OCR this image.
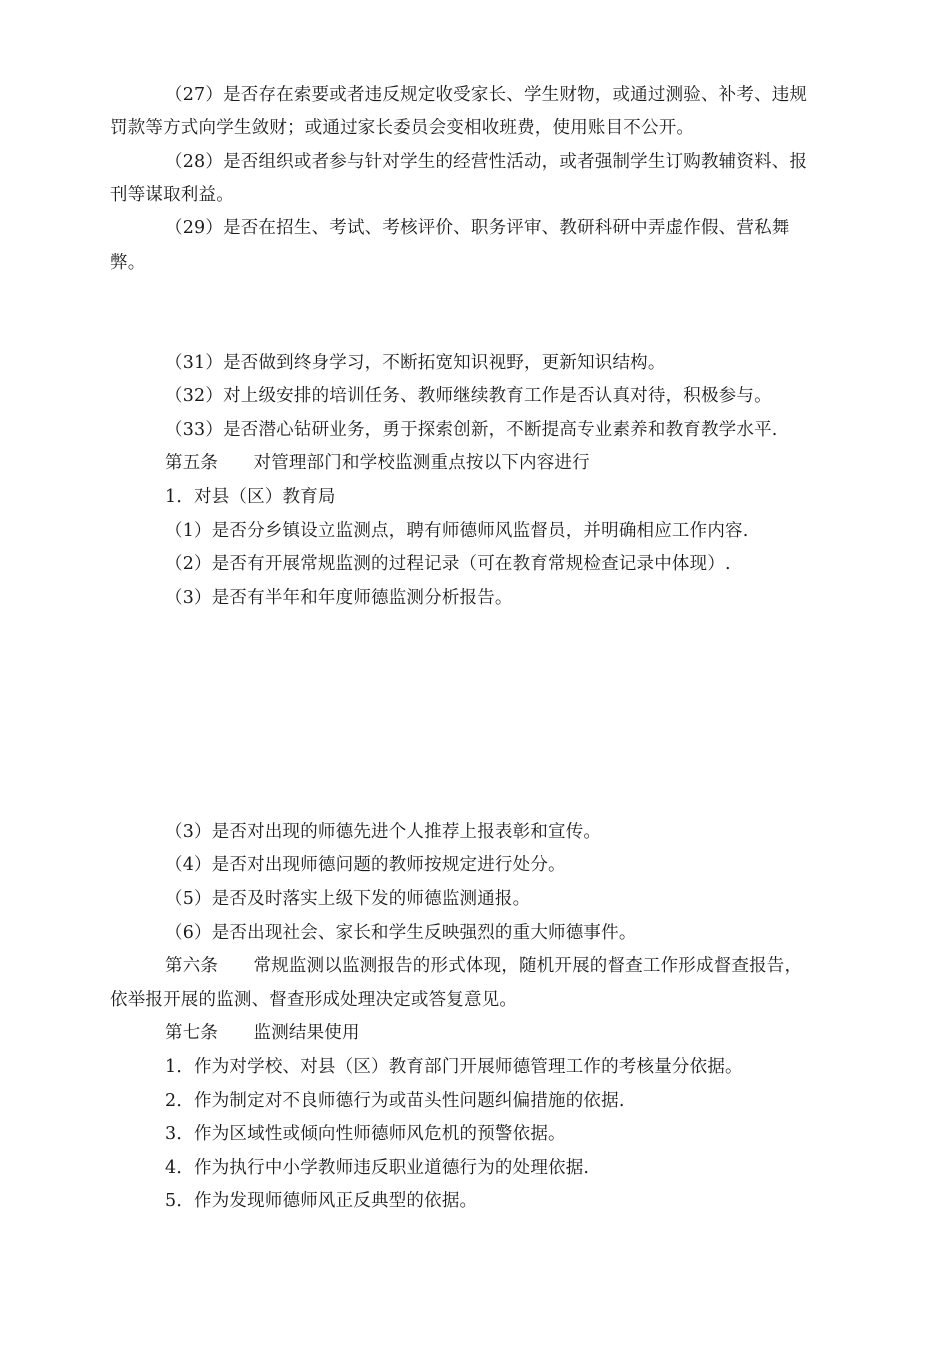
（27）是否存在索要或者违反规定收受家长、学生财物，或通过测验、补考、违规
罚款等方式向学生敛财；或通过家长委员会变相收班费，使用账目不公开。
（28）是否组织或者参与针对学生的经营性活动，或者强制学生订购教辅资料、报
刊等谋取利益。
（29）是否在招生、考试、考核评价、职务评审、教研科研中弄虚作假、营私舞
弊。
（31）是否做到终身学习，不断拓宽知识视野，更新知识结构。
（32）对上级安排的培训任务、教师继续教育工作是否认真对待，积极参与。
（33）是否潜心钻研业务，勇于探索创新，不断提高专业素养和教育教学水平.
第五条　　对管理部门和学校监测重点按以下内容进行
1．对县（区）教育局
（1）是否分乡镇设立监测点，聘有师德师风监督员，并明确相应工作内容.
（2）是否有开展常规监测的过程记录（可在教育常规检查记录中体现）.
（3）是否有半年和年度师德监测分析报告。
（3）是否对出现的师德先进个人推荐上报表彰和宣传。
（4）是否对出现师德问题的教师按规定进行处分。
（5）是否及时落实上级下发的师德监测通报。
（6）是否出现社会、家长和学生反映强烈的重大师德事件。
第六条　　常规监测以监测报告的形式体现，随机开展的督查工作形成督查报告，
依举报开展的监测、督查形成处理决定或答复意见。
第七条　　监测结果使用
1．作为对学校、对县（区）教育部门开展师德管理工作的考核量分依据。
2．作为制定对不良师德行为或苗头性问题纠偏措施的依据.
3．作为区域性或倾向性师德师风危机的预警依据。
4．作为执行中小学教师违反职业道德行为的处理依据.
5．作为发现师德师风正反典型的依据。
